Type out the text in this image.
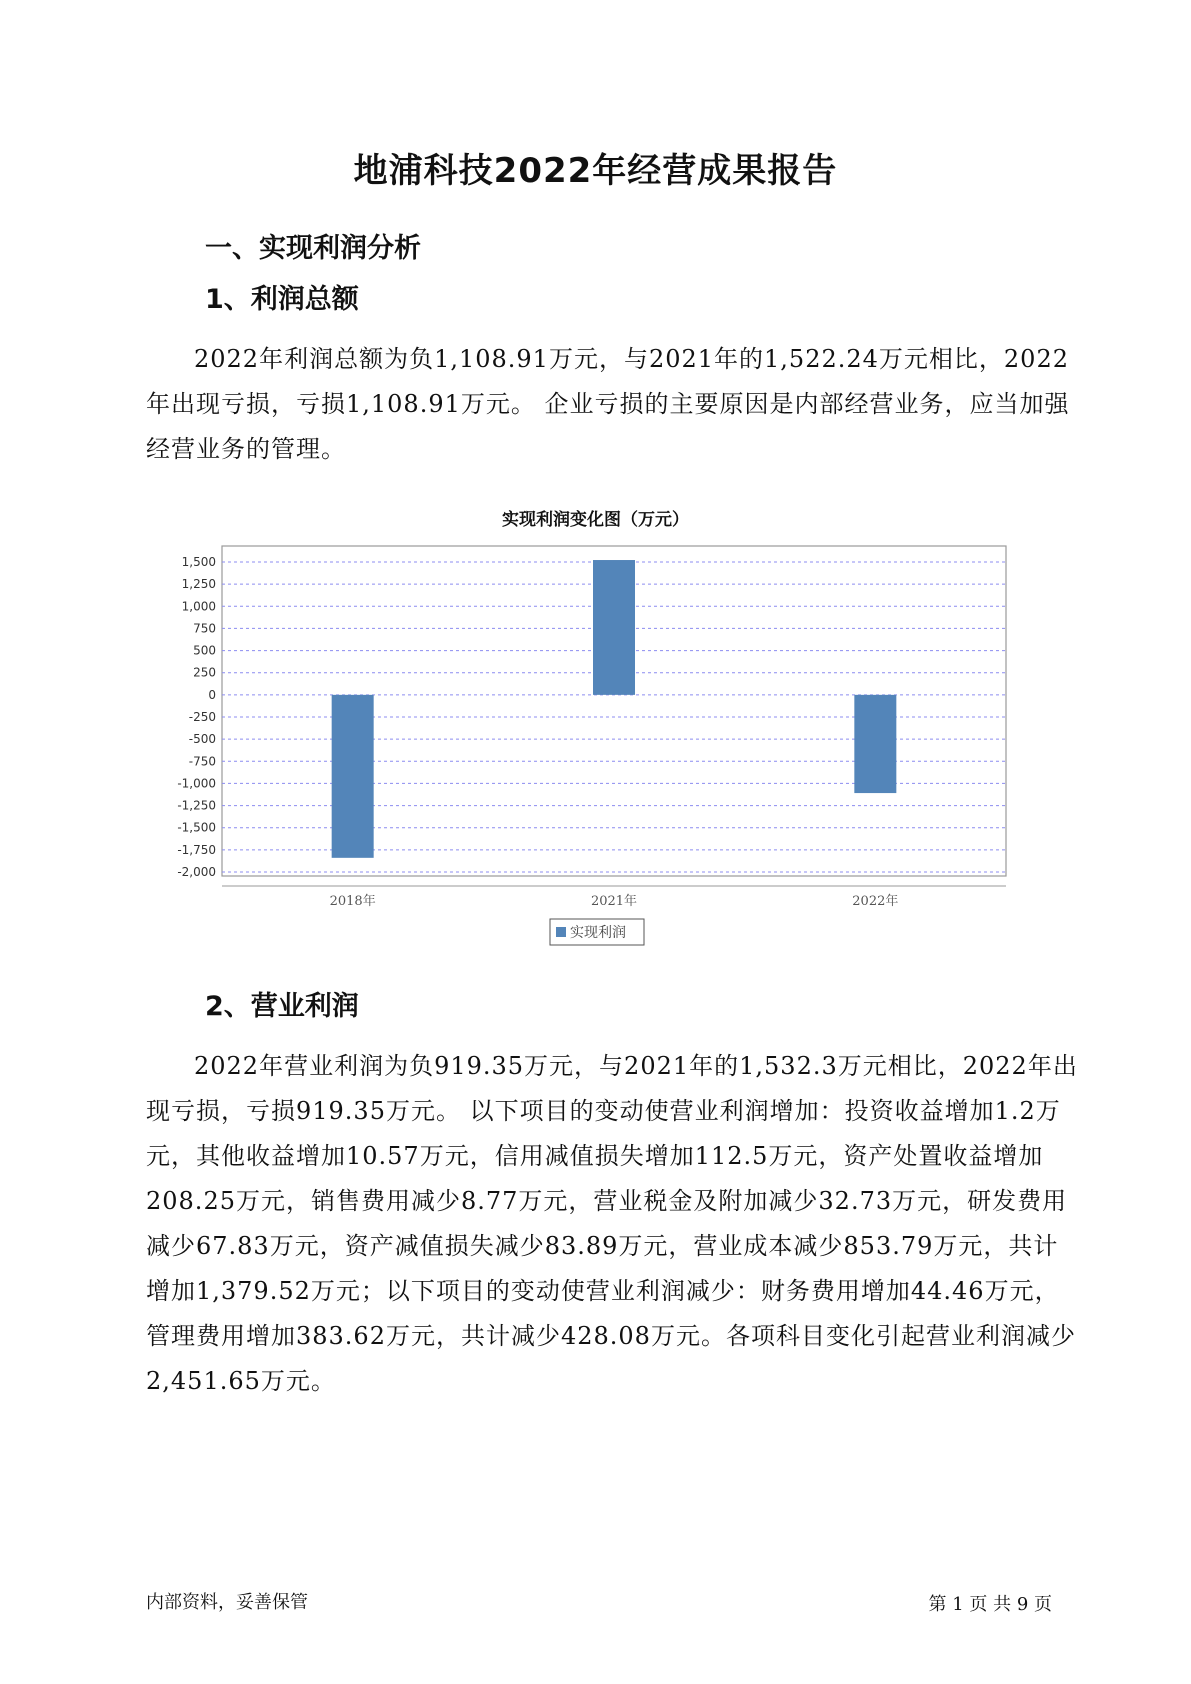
地浦科技2022年经营成果报告
一、实现利润分析
1、利润总额

2022年利润总额为负1,108.91万元，与2021年的1,522.24万元相比，2022年出现亏损，亏损1,108.91万元。 企业亏损的主要原因是内部经营业务，应当加强经营业务的管理。

实现利润变化图（万元）
1,500
1,250
1,000
750
500
250
0
-250
-500
-750
-1,000
-1,250
-1,500
-1,750
-2,000
2018年	2021年	2022年
实现利润
2、营业利润

2022年营业利润为负919.35万元，与2021年的1,532.3万元相比，2022年出现亏损，亏损919.35万元。 以下项目的变动使营业利润增加：投资收益增加1.2万元，其他收益增加10.57万元，信用减值损失增加112.5万元，资产处置收益增加208.25万元，销售费用减少8.77万元，营业税金及附加减少32.73万元，研发费用减少67.83万元，资产减值损失减少83.89万元，营业成本减少853.79万元，共计增加1,379.52万元；以下项目的变动使营业利润减少：财务费用增加44.46万元，管理费用增加383.62万元，共计减少428.08万元。各项科目变化引起营业利润减少2,451.65万元。

内部资料，妥善保管	第 1 页 共 9 页
